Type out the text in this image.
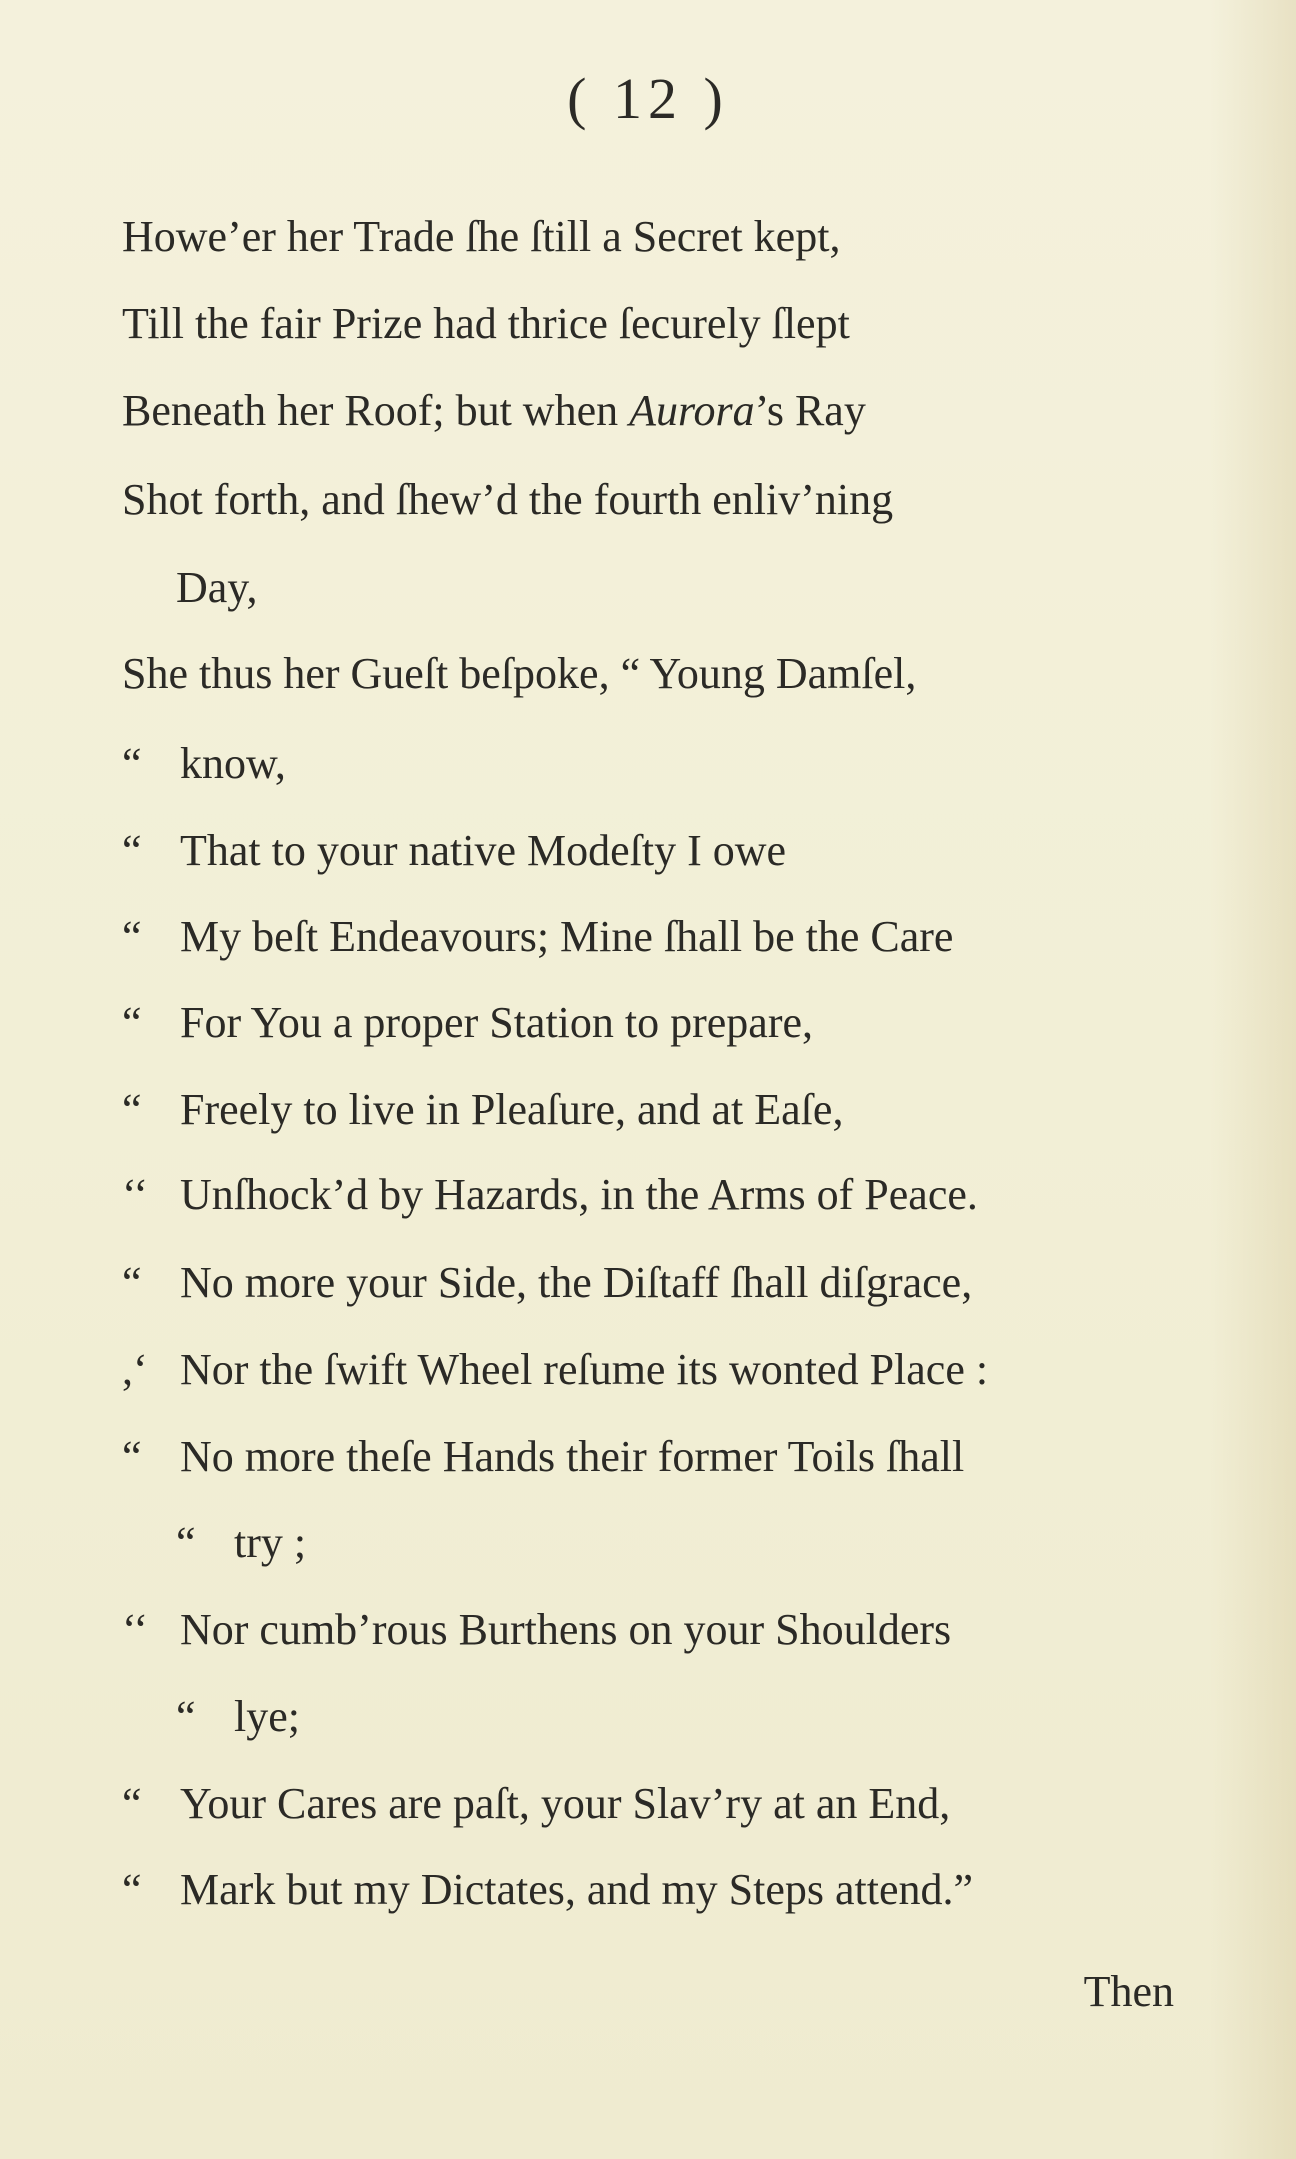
( 12 )
Howe’er her Trade ſhe ſtill a Secret kept,
Till the fair Prize had thrice ſecurely ſlept
Beneath her Roof; but when Aurora’s Ray
Shot forth, and ſhew’d the fourth enliv’ning
Day,
She thus her Gueſt beſpoke, “ Young Damſel,
“ know,
“ That to your native Modeſty I owe
“ My beſt Endeavours; Mine ſhall be the Care
“ For You a proper Station to prepare,
“ Freely to live in Pleaſure, and at Eaſe,
‘‘ Unſhock’d by Hazards, in the Arms of Peace.
“ No more your Side, the Diſtaff ſhall diſgrace,
,‘ Nor the ſwift Wheel reſume its wonted Place :
“ No more theſe Hands their former Toils ſhall
“ try ;
‘‘ Nor cumb’rous Burthens on your Shoulders
“ lye;
“ Your Cares are paſt, your Slav’ry at an End,
“ Mark but my Dictates, and my Steps attend.”
Then
